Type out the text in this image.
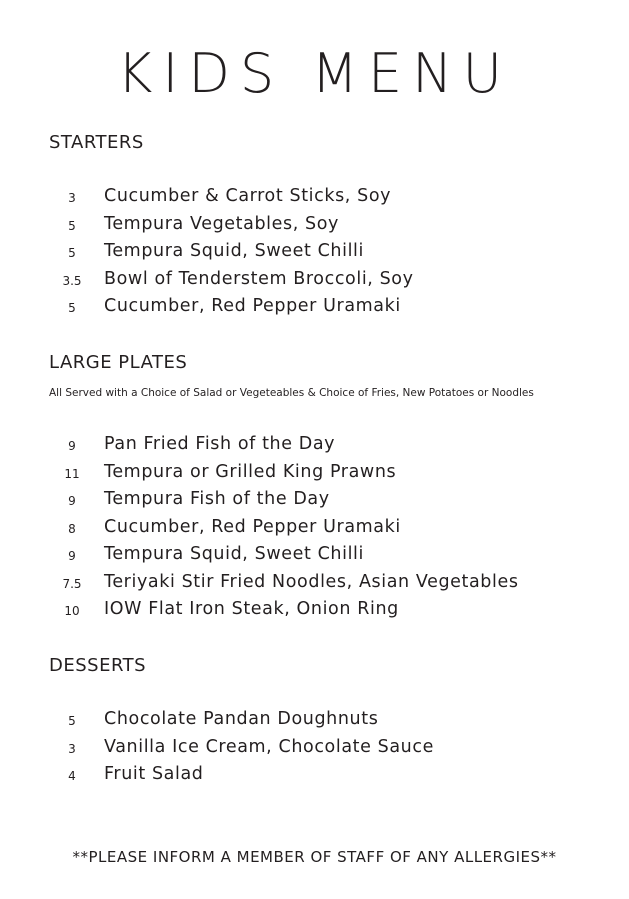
KIDS MENU
STARTERS
3	Cucumber & Carrot Sticks, Soy
5	Tempura Vegetables, Soy
5	Tempura Squid, Sweet Chilli
3.5 Bowl of Tenderstem Broccoli, Soy
5	Cucumber, Red Pepper Uramaki
LARGE PLATES
All Served with a Choice of Salad or Vegeteables & Choice of Fries, New Potatoes or Noodles
9	Pan Fried Fish of the Day
11 Tempura or Grilled King Prawns
9	Tempura Fish of the Day
8	Cucumber, Red Pepper Uramaki
9	Tempura Squid, Sweet Chilli
7.5 Teriyaki Stir Fried Noodles, Asian Vegetables
10 IOW Flat Iron Steak, Onion Ring
DESSERTS
5	Chocolate Pandan Doughnuts
3	Vanilla Ice Cream, Chocolate Sauce
4	Fruit Salad
**PLEASE INFORM A MEMBER OF STAFF OF ANY ALLERGIES**
